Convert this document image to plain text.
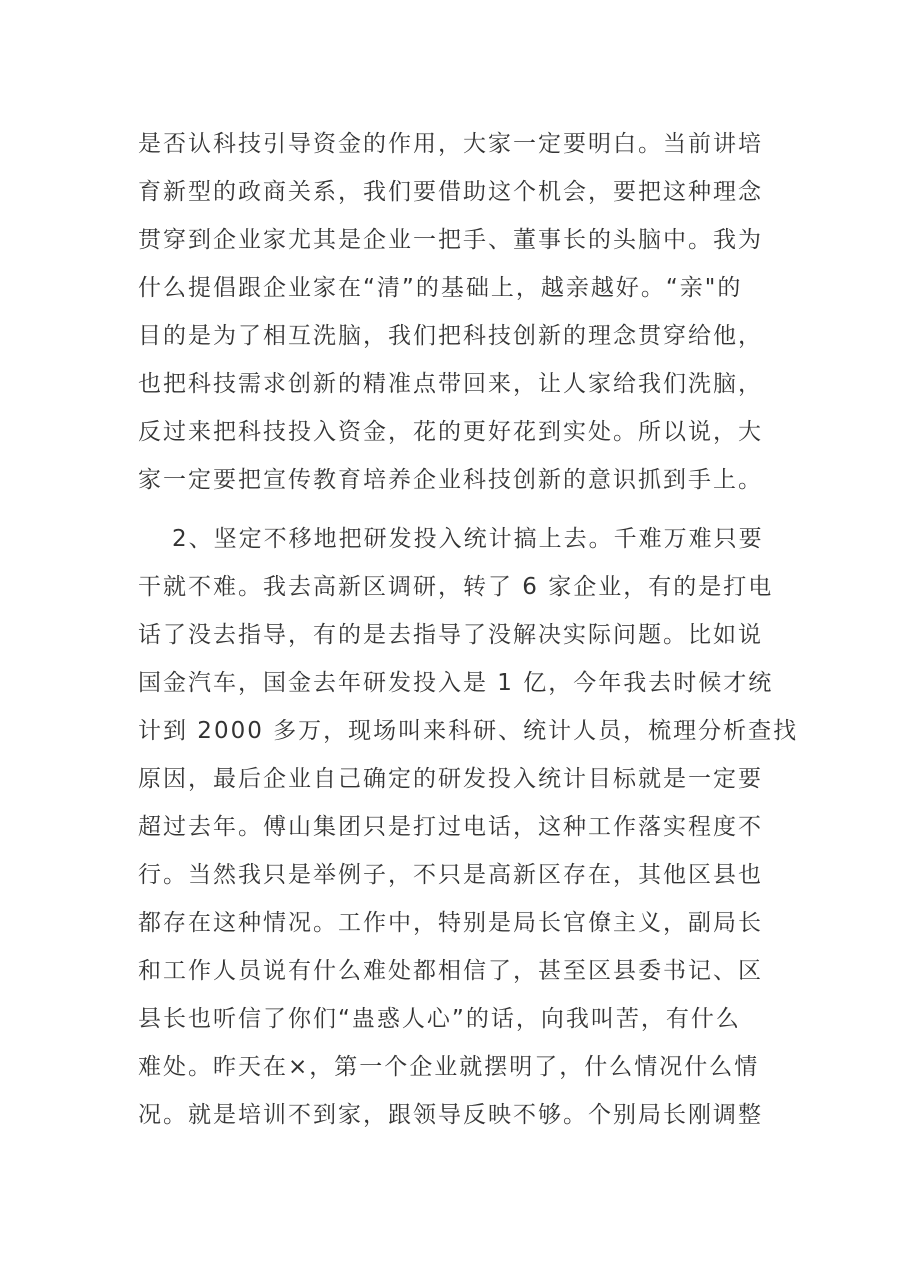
是否认科技引导资金的作用，大家一定要明白。当前讲培
育新型的政商关系，我们要借助这个机会，要把这种理念
贯穿到企业家尤其是企业一把手、董事长的头脑中。我为
什么提倡跟企业家在“清”的基础上，越亲越好。“亲"的
目的是为了相互洗脑，我们把科技创新的理念贯穿给他，
也把科技需求创新的精准点带回来，让人家给我们洗脑，
反过来把科技投入资金，花的更好花到实处。所以说，大
家一定要把宣传教育培养企业科技创新的意识抓到手上。
2、坚定不移地把研发投入统计搞上去。千难万难只要
干就不难。我去高新区调研，转了 6 家企业，有的是打电
话了没去指导，有的是去指导了没解决实际问题。比如说
国金汽车，国金去年研发投入是 1 亿，今年我去时候才统
计到 2000 多万，现场叫来科研、统计人员，梳理分析查找
原因，最后企业自己确定的研发投入统计目标就是一定要
超过去年。傅山集团只是打过电话，这种工作落实程度不
行。当然我只是举例子，不只是高新区存在，其他区县也
都存在这种情况。工作中，特别是局长官僚主义，副局长
和工作人员说有什么难处都相信了，甚至区县委书记、区
县长也听信了你们“蛊惑人心”的话，向我叫苦，有什么
难处。昨天在×，第一个企业就摆明了，什么情况什么情
况。就是培训不到家，跟领导反映不够。个别局长刚调整
